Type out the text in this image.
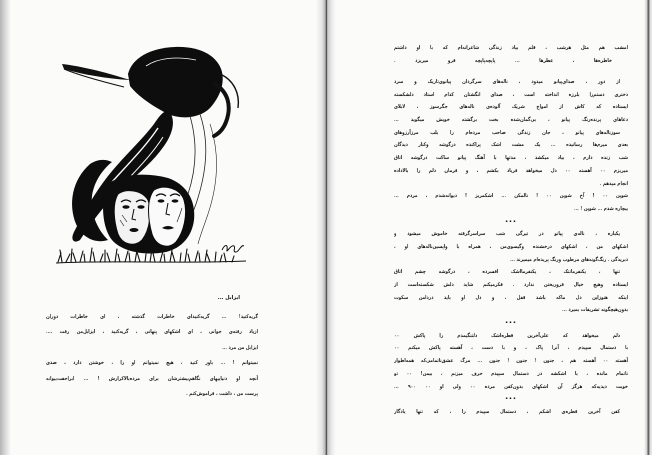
ایزابل ...
گریه‌کنید! ... گریه‌کنیدای خاطرات گذشته ، ای خاطرات دوران
ازیاد رفته‌ی جوانی ، ای اشکهای پنهانی ، گریه‌کنید ، ایزابل‌من رفت ....
ایزابل من مرد ...
نمیتوانم ! ... باور کنید ، هیچ نمیتوانم او را ، خوشتن دارد ، صدی
آنچه او دنیاییهای نگاهم‌بیشترشان برای مرده‌بالاکرارش ! ... ابراحفت‌بیوانه
پرست من ، داشت ، فراموش‌کنم .
امشب هم مثل هرشب ، قلم بیاد زندگی شاعرانه‌ام که با او داشتم
خاطره‌ها ، عطرها ... پاپچه‌پاپچه فرو میریزد .
از دور ، صدای‌پیانو میدود ، ناله‌های سرگردان پیانوی‌تاریک و سرد
دختری دستم‌را بلرزه انداخته است ، صدای انگشتان کدام استاد دلشکسته
ایستاده که کاش از امواج شریک آلوده‌ی ناله‌های جگرسوز ، لابلای
دعاهای پرنده‌رنگ پیانو ، بی‌گمان‌شده بخت برگشته خویش میگوید ...
سوزناله‌های پیانو ، جان زندگی صاحب مرده‌ام را بلب مرزآرزوهای
بعدی میرم‌ها رسانیده ... یک مشت اشک پراکنده درگوشه وکنار دیدگان
شب زنده دارم ، بیاد میکشد ، مدتها با آهنگ پیانو ساکت درگوشه اتاق
میریزم ۰۰ آهسته ۰۰ دل میخواهد فریاد بکشم ، و فرمان دلم را بالاداده
انجام میدهم .
شوپن ۰۰ ! آخ شوپن ۰۰ ! نالمکن ... اشکمریز ! دیوانه‌شدم ، مردم ...
بیچاره شدم ... شوپن ! ...
•••
یکباره ، ناله‌ی پیانو در تیرگی شب سراسرگرفته خاموش میشود و
اشکهای من ، اشکهای درخشنده وگیسوی‌من ، همراه با واپسین‌ناله‌های او ،
دبریدگی . رنگ‌گونه‌های مرطوب ورنگ پریده‌ام میمیرند ...
تنها ، یکنفر‌ماتنک ، یکنفر‌مااشک افسرده ، درگوشه چشم اتاق
ایستاده وهیچ خیال فرو‌ریختن ندارد . فکرمیکنم شاید دلش شکسته‌است از
اینکه هنوزاین دل ماکه باشد قفل ، و دل او باید دردامن سکوت
بدون‌هیچگونه تشریفات بمیرد ...
•••
دلم میخواهد که علی‌آخرین قطره‌اشک دلتنگیمدم را پاکش ۰۰
با دستمال سپیدم ، آنرا پاک ، و با دست ، آهسته پاکش میکنم ۰۰
آهسته ۰۰ آهسته هم ، جنون ! جنون ! جنون ... مرگ عشق‌ناتمامی‌که همه‌اطوار
ناتمام مانده ، با اشکشه در دستمال سپیدم حرف میزنم ، بیمن! ۰۰ تو
خوبت دیدیه‌که هرگز آن اشکهای بدون‌کفن مرده ۰۰ ولی او ۰۰ ۹۰۰ ...
•••
کفن آخرین قطره‌ی اشکم ، دستمال سپیدم را ، که تنها یادگار
